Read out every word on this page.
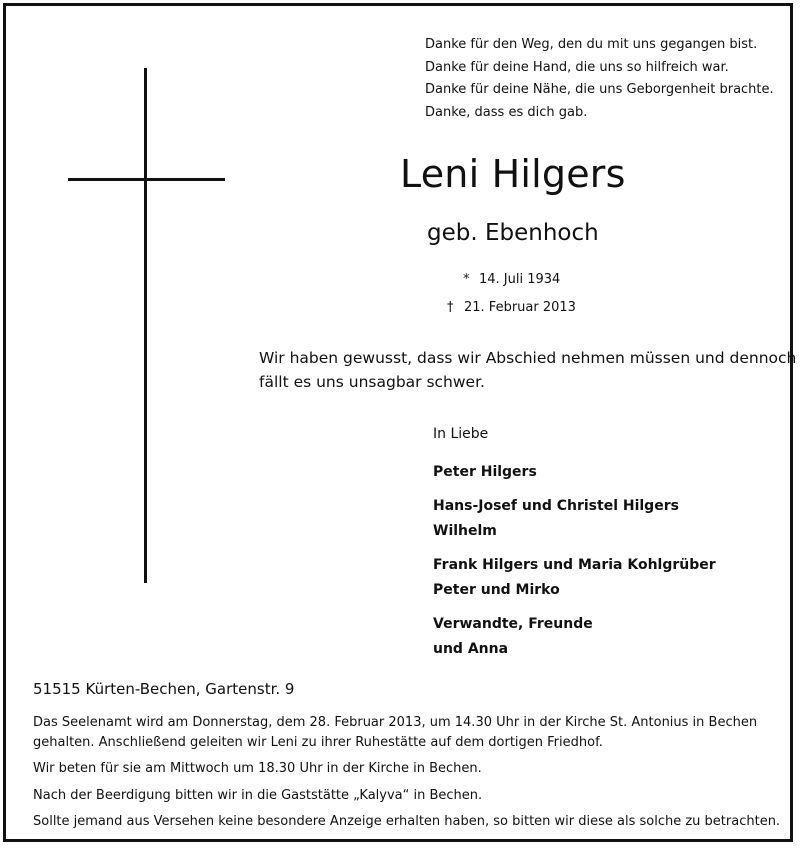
Danke für den Weg, den du mit uns gegangen bist.
Danke für deine Hand, die uns so hilfreich war.
Danke für deine Nähe, die uns Geborgenheit brachte.
Danke, dass es dich gab.
Leni Hilgers
geb. Ebenhoch
* 14. Juli 1934
† 21. Februar 2013
Wir haben gewusst, dass wir Abschied nehmen müssen und dennoch
fällt es uns unsagbar schwer.
In Liebe
Peter Hilgers
Hans-Josef und Christel Hilgers
Wilhelm
Frank Hilgers und Maria Kohlgrüber
Peter und Mirko
Verwandte, Freunde
und Anna
51515 Kürten-Bechen, Gartenstr. 9

Das Seelenamt wird am Donnerstag, dem 28. Februar 2013, um 14.30 Uhr in der Kirche St. Antonius in Bechen
gehalten. Anschließend geleiten wir Leni zu ihrer Ruhestätte auf dem dortigen Friedhof.

Wir beten für sie am Mittwoch um 18.30 Uhr in der Kirche in Bechen.

Nach der Beerdigung bitten wir in die Gaststätte „Kalyva“ in Bechen.

Sollte jemand aus Versehen keine besondere Anzeige erhalten haben, so bitten wir diese als solche zu betrachten.
